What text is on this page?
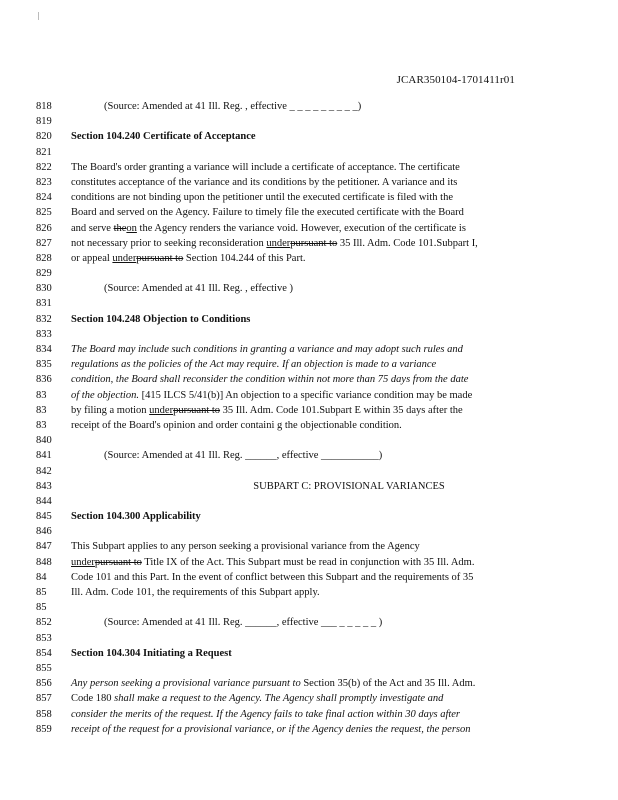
JCAR350104-1701411r01
818	(Source: Amended at 41 Ill. Reg. , effective _ _ _ _ _ _ _ _ _)
819
820	Section 104.240 Certificate of Acceptance
821
822	The Board's order granting a variance will include a certificate of acceptance. The certificate
823	constitutes acceptance of the variance and its conditions by the petitioner. A variance and its
824	conditions are not binding upon the petitioner until the executed certificate is filed with the
825	Board and served on the Agency. Failure to timely file the executed certificate with the Board
826	and serve theon the Agency renders the variance void. However, execution of the certificate is
827	not necessary prior to seeking reconsideration underpursuant to 35 Ill. Adm. Code 101.Subpart I,
828	or appeal underpursuant to Section 104.244 of this Part.
829
830	(Source: Amended at 41 Ill. Reg. , effective )
831
832	Section 104.248 Objection to Conditions
833
834	The Board may include such conditions in granting a variance and may adopt such rules and
835	regulations as the policies of the Act may require. If an objection is made to a variance
836	condition, the Board shall reconsider the condition within not more than 75 days from the date
83	of the objection. [415 ILCS 5/41(b)] An objection to a specific variance condition may be made
83	by filing a motion underpursuant to 35 Ill. Adm. Code 101.Subpart E within 35 days after the
83	receipt of the Board's opinion and order containi g the objectionable condition.
840
841	(Source: Amended at 41 Ill. Reg. ______, effective ___________)
842
843	SUBPART C: PROVISIONAL VARIANCES
844
845	Section 104.300 Applicability
846
847	This Subpart applies to any person seeking a provisional variance from the Agency
848	underpursuant to Title IX of the Act. This Subpart must be read in conjunction with 35 Ill. Adm.
84	Code 101 and this Part. In the event of conflict between this Subpart and the requirements of 35
85	Ill. Adm. Code 101, the requirements of this Subpart apply.
85
852	(Source: Amended at 41 Ill. Reg. ______, effective ___ _ _ _ _ _ )
853
854	Section 104.304 Initiating a Request
855
856	Any person seeking a provisional variance pursuant to Section 35(b) of the Act and 35 Ill. Adm.
857	Code 180 shall make a request to the Agency. The Agency shall promptly investigate and
858	consider the merits of the request. If the Agency fails to take final action within 30 days after
859	receipt of the request for a provisional variance, or if the Agency denies the request, the person
